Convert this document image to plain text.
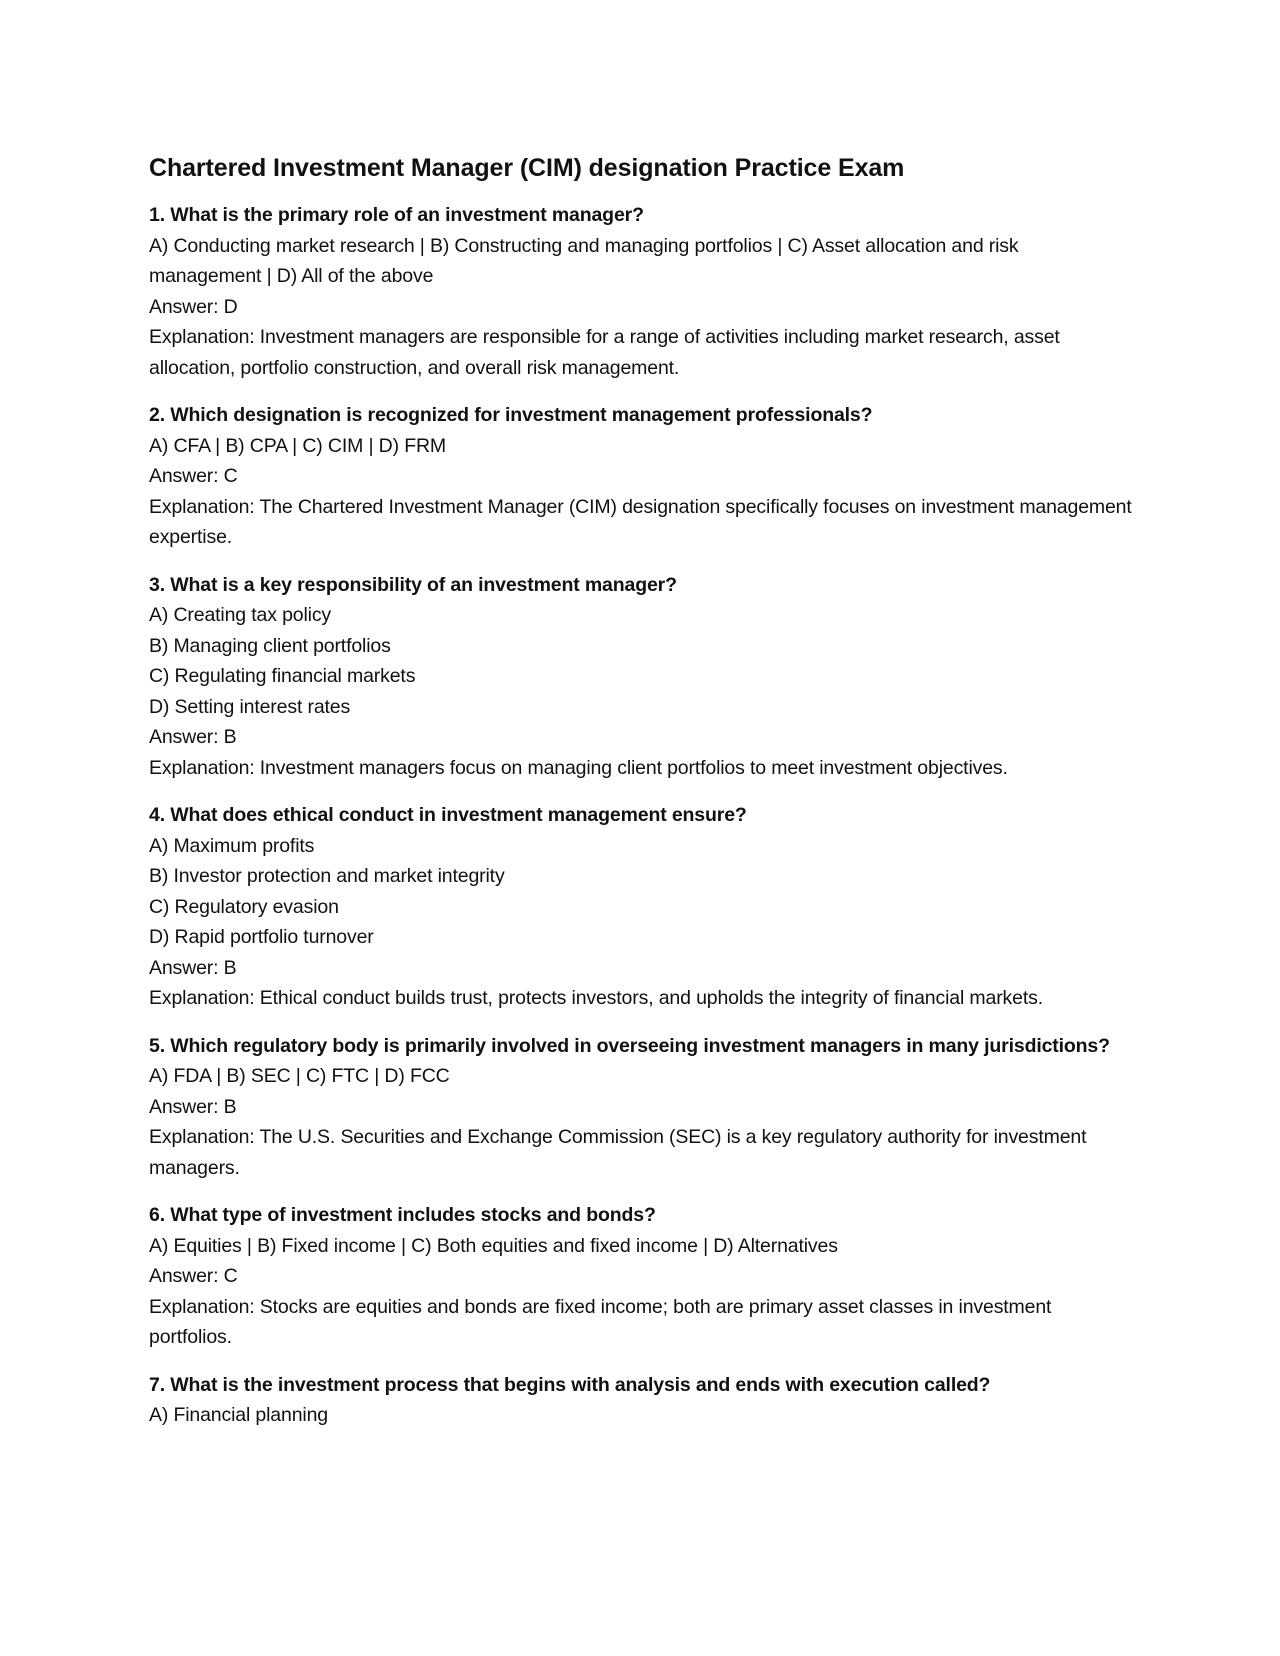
Chartered Investment Manager (CIM) designation Practice Exam
1. What is the primary role of an investment manager?
A) Conducting market research | B) Constructing and managing portfolios | C) Asset allocation and risk management | D) All of the above
Answer: D
Explanation: Investment managers are responsible for a range of activities including market research, asset allocation, portfolio construction, and overall risk management.
2. Which designation is recognized for investment management professionals?
A) CFA | B) CPA | C) CIM | D) FRM
Answer: C
Explanation: The Chartered Investment Manager (CIM) designation specifically focuses on investment management expertise.
3. What is a key responsibility of an investment manager?
A) Creating tax policy
B) Managing client portfolios
C) Regulating financial markets
D) Setting interest rates
Answer: B
Explanation: Investment managers focus on managing client portfolios to meet investment objectives.
4. What does ethical conduct in investment management ensure?
A) Maximum profits
B) Investor protection and market integrity
C) Regulatory evasion
D) Rapid portfolio turnover
Answer: B
Explanation: Ethical conduct builds trust, protects investors, and upholds the integrity of financial markets.
5. Which regulatory body is primarily involved in overseeing investment managers in many jurisdictions?
A) FDA | B) SEC | C) FTC | D) FCC
Answer: B
Explanation: The U.S. Securities and Exchange Commission (SEC) is a key regulatory authority for investment managers.
6. What type of investment includes stocks and bonds?
A) Equities | B) Fixed income | C) Both equities and fixed income | D) Alternatives
Answer: C
Explanation: Stocks are equities and bonds are fixed income; both are primary asset classes in investment portfolios.
7. What is the investment process that begins with analysis and ends with execution called?
A) Financial planning
